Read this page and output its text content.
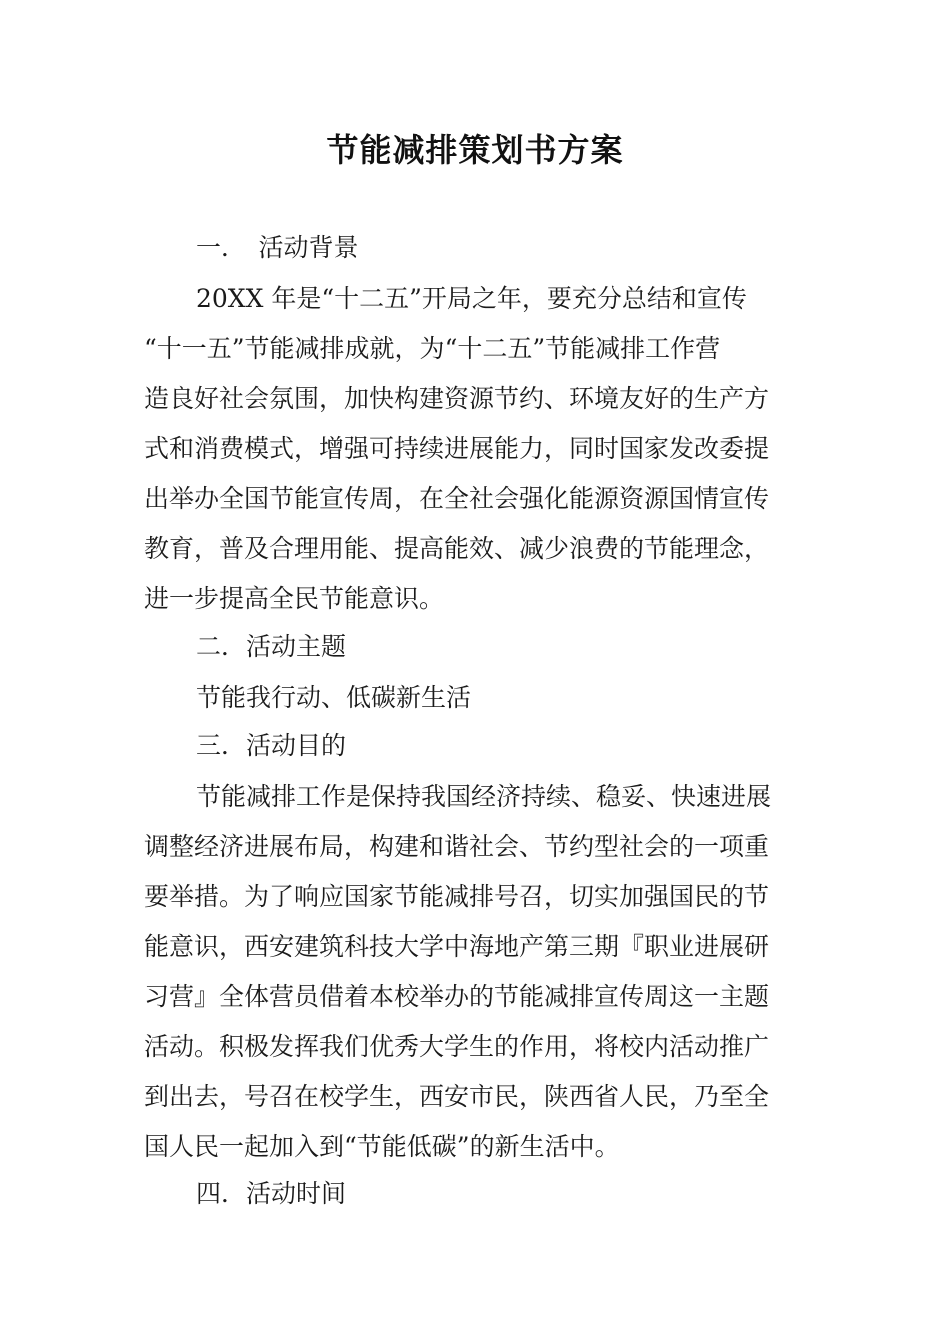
节能减排策划书方案
一．　活动背景
20XX 年是“十二五”开局之年，要充分总结和宣传
“十一五”节能减排成就，为“十二五”节能减排工作营
造良好社会氛围，加快构建资源节约、环境友好的生产方
式和消费模式，增强可持续进展能力，同时国家发改委提
出举办全国节能宣传周，在全社会强化能源资源国情宣传
教育，普及合理用能、提高能效、减少浪费的节能理念，
进一步提高全民节能意识。
二．活动主题
节能我行动、低碳新生活
三．活动目的
节能减排工作是保持我国经济持续、稳妥、快速进展
调整经济进展布局，构建和谐社会、节约型社会的一项重
要举措。为了响应国家节能减排号召，切实加强国民的节
能意识，西安建筑科技大学中海地产第三期『职业进展研
习营』全体营员借着本校举办的节能减排宣传周这一主题
活动。积极发挥我们优秀大学生的作用，将校内活动推广
到出去，号召在校学生，西安市民，陕西省人民，乃至全
国人民一起加入到“节能低碳”的新生活中。
四．活动时间
